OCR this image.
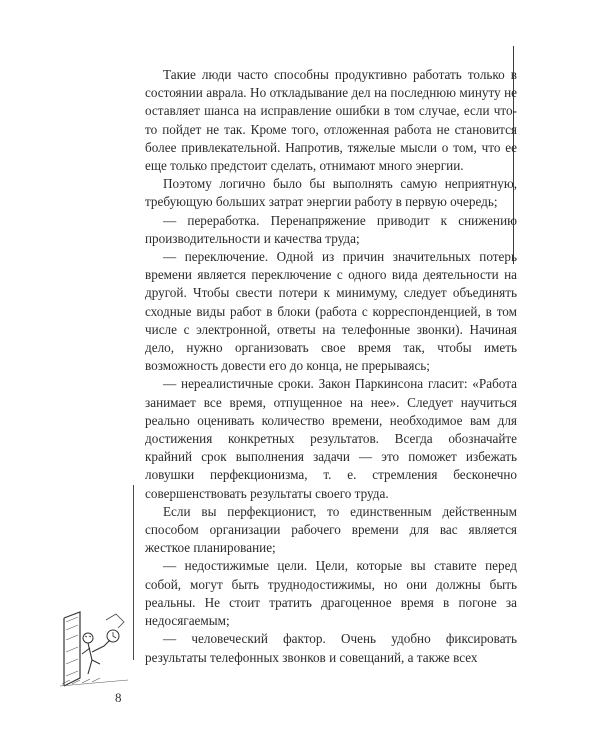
Такие люди часто способны продуктивно работать только в состоянии аврала. Но откладывание дел на последнюю минуту не оставляет шанса на исправление ошибки в том случае, если что-то пойдет не так. Кроме того, отложенная работа не становится более привлекательной. Напротив, тяжелые мысли о том, что ее еще только предстоит сделать, отнимают много энергии.

Поэтому логично было бы выполнять самую неприятную, требующую больших затрат энергии работу в первую очередь;

— переработка. Перенапряжение приводит к снижению производительности и качества труда;

— переключение. Одной из причин значительных потерь времени является переключение с одного вида деятельности на другой. Чтобы свести потери к минимуму, следует объединять сходные виды работ в блоки (работа с корреспонденцией, в том числе с электронной, ответы на телефонные звонки). Начиная дело, нужно организовать свое время так, чтобы иметь возможность довести его до конца, не прерываясь;

— нереалистичные сроки. Закон Паркинсона гласит: «Работа занимает все время, отпущенное на нее». Следует научиться реально оценивать количество времени, необходимое вам для достижения конкретных результатов. Всегда обозначайте крайний срок выполнения задачи — это поможет избежать ловушки перфекционизма, т. е. стремления бесконечно совершенствовать результаты своего труда.

Если вы перфекционист, то единственным действенным способом организации рабочего времени для вас является жесткое планирование;

— недостижимые цели. Цели, которые вы ставите перед собой, могут быть труднодостижимы, но они должны быть реальны. Не стоит тратить драгоценное время в погоне за недосягаемым;

— человеческий фактор. Очень удобно фиксировать результаты телефонных звонков и совещаний, а также всех

8
